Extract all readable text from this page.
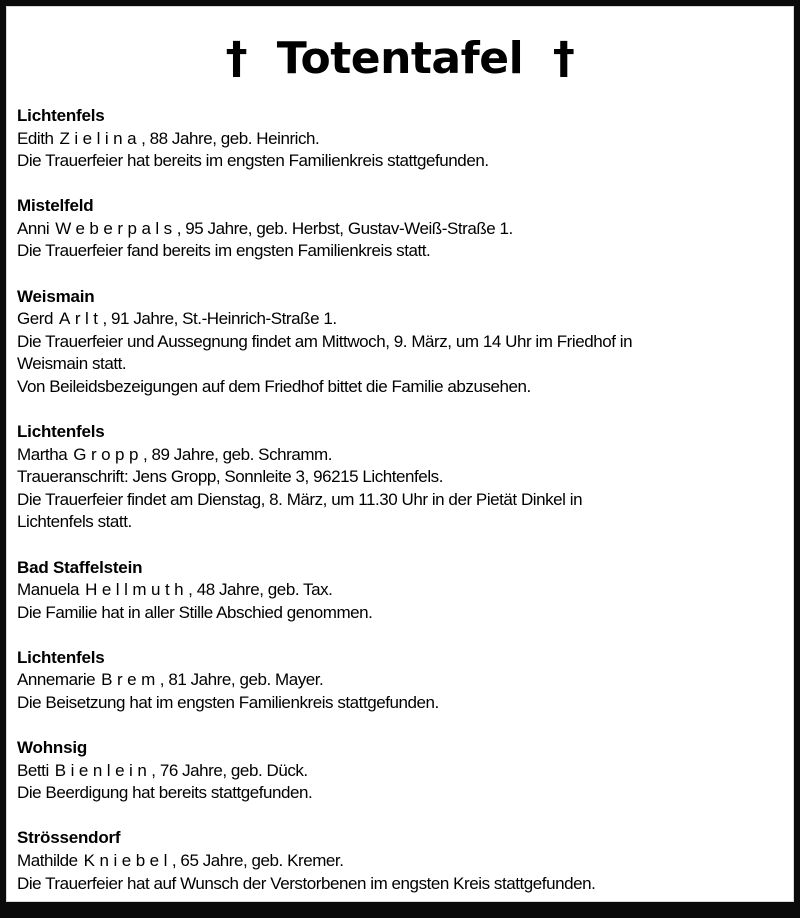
†  Totentafel  †
Lichtenfels
Edith Zielina, 88 Jahre, geb. Heinrich.
Die Trauerfeier hat bereits im engsten Familienkreis stattgefunden.
Mistelfeld
Anni Weberpals, 95 Jahre, geb. Herbst, Gustav-Weiß-Straße 1.
Die Trauerfeier fand bereits im engsten Familienkreis statt.
Weismain
Gerd Arlt, 91 Jahre, St.-Heinrich-Straße 1.
Die Trauerfeier und Aussegnung findet am Mittwoch, 9. März, um 14 Uhr im Friedhof in
Weismain statt.
Von Beileidsbezeigungen auf dem Friedhof bittet die Familie abzusehen.
Lichtenfels
Martha Gropp, 89 Jahre, geb. Schramm.
Traueranschrift: Jens Gropp, Sonnleite 3, 96215 Lichtenfels.
Die Trauerfeier findet am Dienstag, 8. März, um 11.30 Uhr in der Pietät Dinkel in
Lichtenfels statt.
Bad Staffelstein
Manuela Hellmuth, 48 Jahre, geb. Tax.
Die Familie hat in aller Stille Abschied genommen.
Lichtenfels
Annemarie Brem, 81 Jahre, geb. Mayer.
Die Beisetzung hat im engsten Familienkreis stattgefunden.
Wohnsig
Betti Bienlein, 76 Jahre, geb. Dück.
Die Beerdigung hat bereits stattgefunden.
Strössendorf
Mathilde Kniebel, 65 Jahre, geb. Kremer.
Die Trauerfeier hat auf Wunsch der Verstorbenen im engsten Kreis stattgefunden.
